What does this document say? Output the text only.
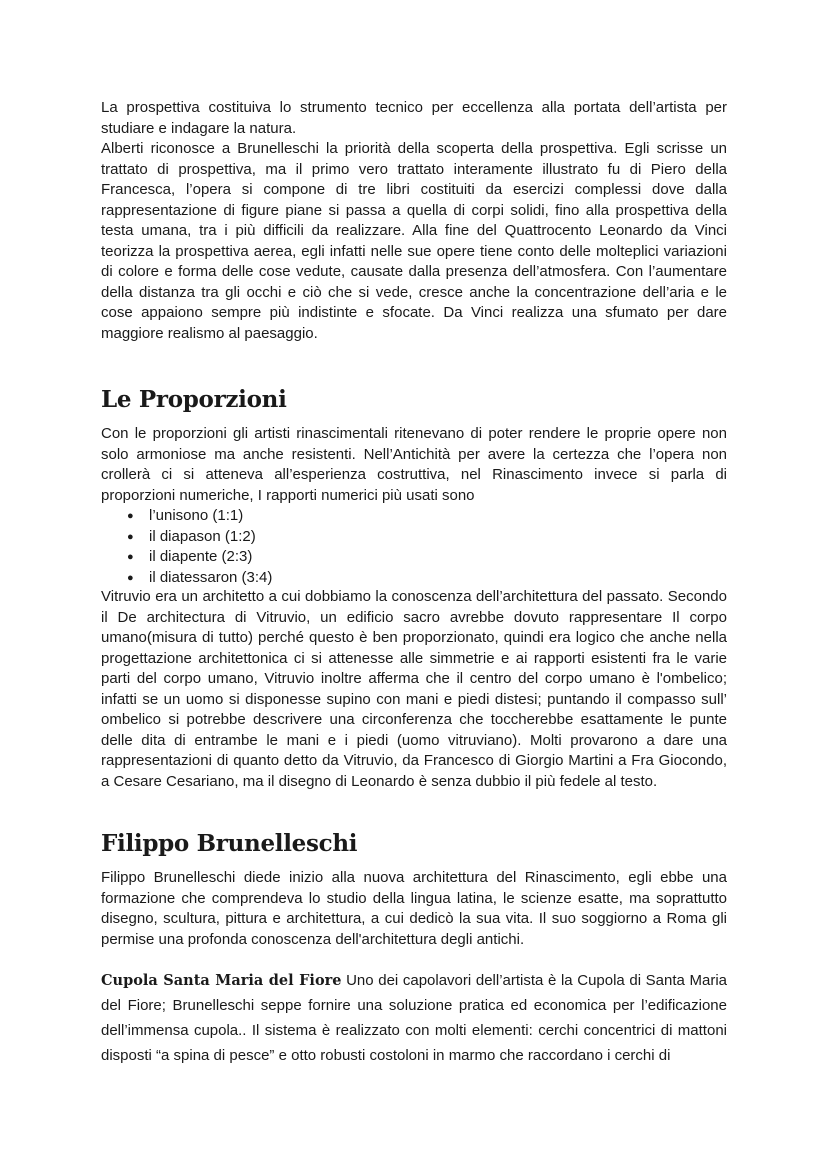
La prospettiva costituiva lo strumento tecnico per eccellenza alla portata dell’artista per studiare e indagare la natura.

Alberti riconosce a Brunelleschi la priorità della scoperta della prospettiva. Egli scrisse un trattato di prospettiva, ma il primo vero trattato interamente illustrato fu di Piero della Francesca, l’opera si compone di tre libri costituiti da esercizi complessi dove dalla rappresentazione di figure piane si passa a quella di corpi solidi, fino alla prospettiva della testa umana, tra i più difficili da realizzare. Alla fine del Quattrocento Leonardo da Vinci teorizza la prospettiva aerea, egli infatti nelle sue opere tiene conto delle molteplici variazioni di colore e forma delle cose vedute, causate dalla presenza dell’atmosfera. Con l’aumentare della distanza tra gli occhi e ciò che si vede, cresce anche la concentrazione dell’aria e le cose appaiono sempre più indistinte e sfocate. Da Vinci realizza una sfumato per dare maggiore realismo al paesaggio.

Le Proporzioni

Con le proporzioni gli artisti rinascimentali ritenevano di poter rendere le proprie opere non solo armoniose ma anche resistenti. Nell’Antichità per avere la certezza che l’opera non crollerà ci si atteneva all’esperienza costruttiva, nel Rinascimento invece si parla di proporzioni numeriche, I rapporti numerici più usati sono

● l’unisono (1:1)
● il diapason (1:2)
● il diapente (2:3)
● il diatessaron (3:4)

Vitruvio era un architetto a cui dobbiamo la conoscenza dell’architettura del passato. Secondo il De architectura di Vitruvio, un edificio sacro avrebbe dovuto rappresentare Il corpo umano(misura di tutto) perché questo è ben proporzionato, quindi era logico che anche nella progettazione architettonica ci si attenesse alle simmetrie e ai rapporti esistenti fra le varie parti del corpo umano, Vitruvio inoltre afferma che il centro del corpo umano è l'ombelico; infatti se un uomo si disponesse supino con mani e piedi distesi; puntando il compasso sull’ ombelico si potrebbe descrivere una circonferenza che toccherebbe esattamente le punte delle dita di entrambe le mani e i piedi (uomo vitruviano). Molti provarono a dare una rappresentazioni di quanto detto da Vitruvio, da Francesco di Giorgio Martini a Fra Giocondo, a Cesare Cesariano, ma il disegno di Leonardo è senza dubbio il più fedele al testo.

Filippo Brunelleschi

Filippo Brunelleschi diede inizio alla nuova architettura del Rinascimento, egli ebbe una formazione che comprendeva lo studio della lingua latina, le scienze esatte, ma soprattutto disegno, scultura, pittura e architettura, a cui dedicò la sua vita. Il suo soggiorno a Roma gli permise una profonda conoscenza dell'architettura degli antichi.

Cupola Santa Maria del Fiore Uno dei capolavori dell’artista è la Cupola di Santa Maria del Fiore; Brunelleschi seppe fornire una soluzione pratica ed economica per l’edificazione dell’immensa cupola.. Il sistema è realizzato con molti elementi: cerchi concentrici di mattoni disposti “a spina di pesce” e otto robusti costoloni in marmo che raccordano i cerchi di
